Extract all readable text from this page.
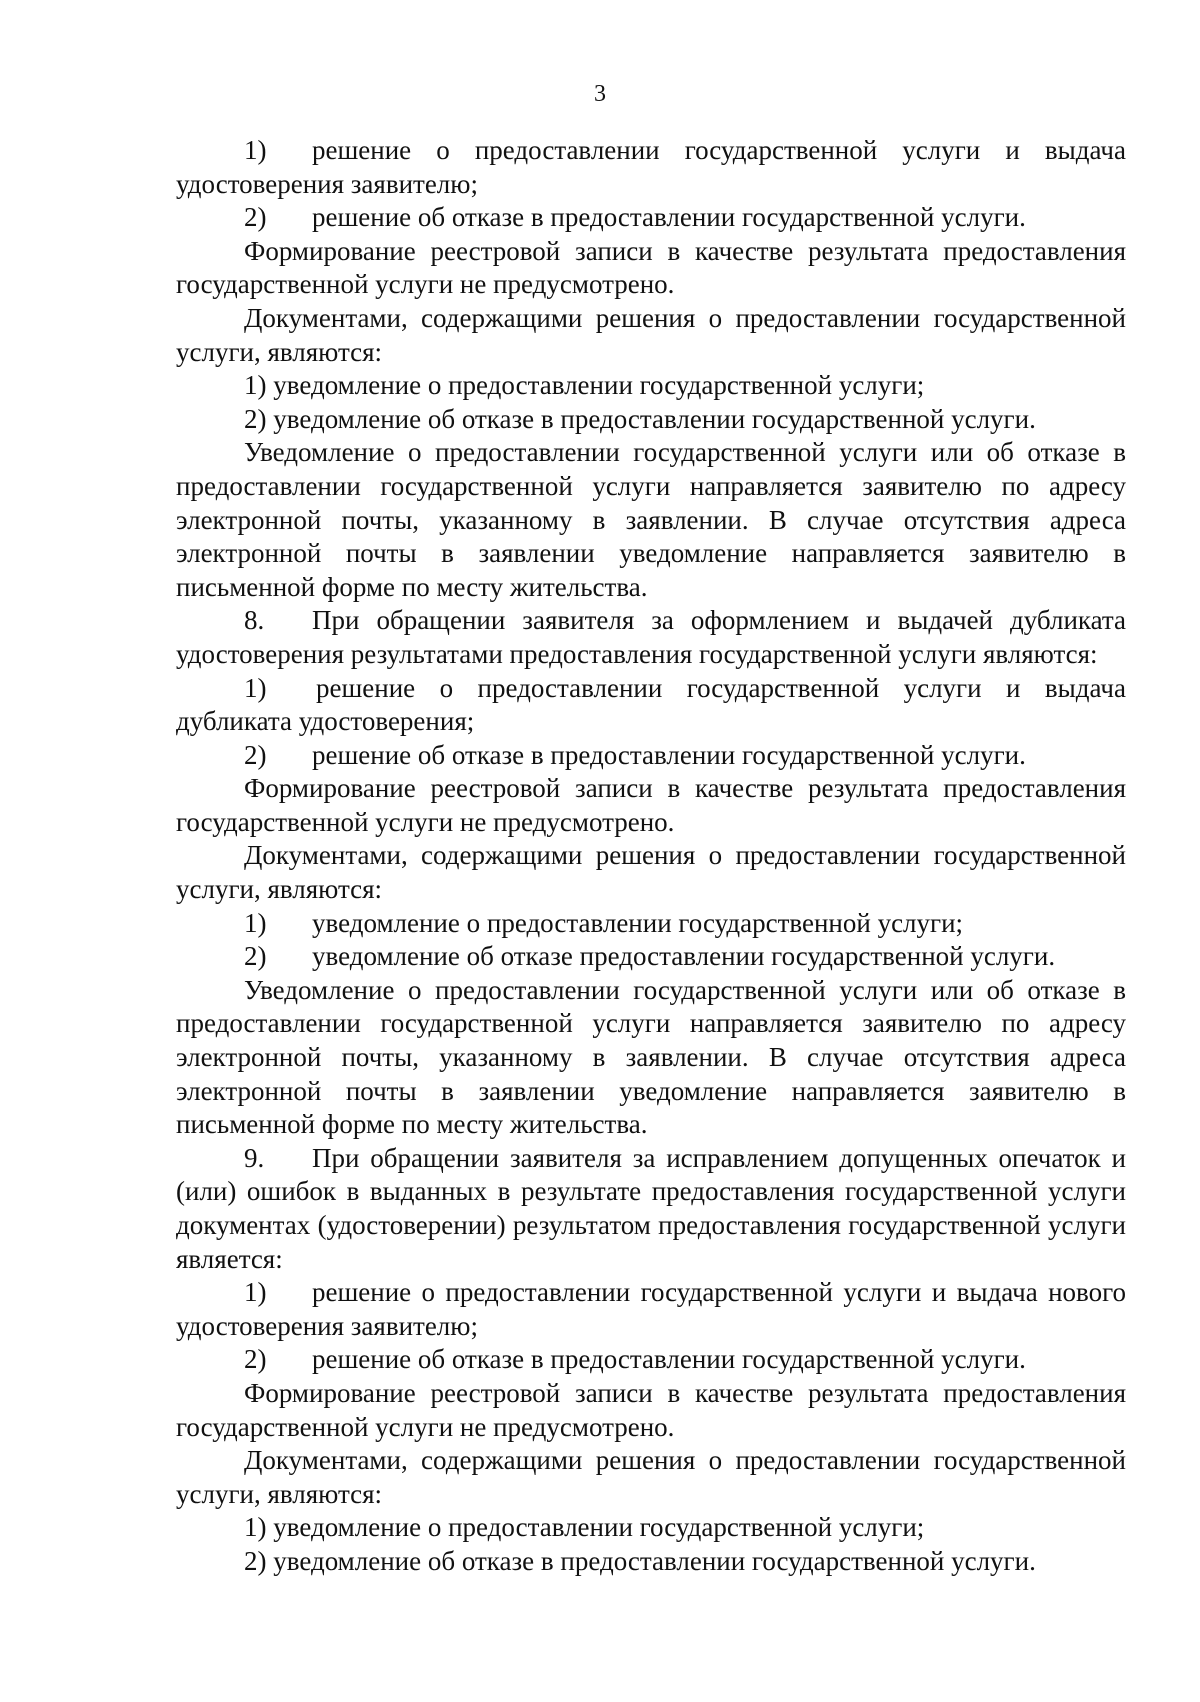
3

1) решение о предоставлении государственной услуги и выдача удостоверения заявителю;

2) решение об отказе в предоставлении государственной услуги.

Формирование реестровой записи в качестве результата предоставления государственной услуги не предусмотрено.

Документами, содержащими решения о предоставлении государственной услуги, являются:

1) уведомление о предоставлении государственной услуги;

2) уведомление об отказе в предоставлении государственной услуги.

Уведомление о предоставлении государственной услуги или об отказе в предоставлении государственной услуги направляется заявителю по адресу электронной почты, указанному в заявлении. В случае отсутствия адреса электронной почты в заявлении уведомление направляется заявителю в письменной форме по месту жительства.

8. При обращении заявителя за оформлением и выдачей дубликата удостоверения результатами предоставления государственной услуги являются:

1) решение о предоставлении государственной услуги и выдача дубликата удостоверения;

2) решение об отказе в предоставлении государственной услуги.

Формирование реестровой записи в качестве результата предоставления государственной услуги не предусмотрено.

Документами, содержащими решения о предоставлении государственной услуги, являются:

1) уведомление о предоставлении государственной услуги;

2) уведомление об отказе предоставлении государственной услуги.

Уведомление о предоставлении государственной услуги или об отказе в предоставлении государственной услуги направляется заявителю по адресу электронной почты, указанному в заявлении. В случае отсутствия адреса электронной почты в заявлении уведомление направляется заявителю в письменной форме по месту жительства.

9. При обращении заявителя за исправлением допущенных опечаток и (или) ошибок в выданных в результате предоставления государственной услуги документах (удостоверении) результатом предоставления государственной услуги является:

1) решение о предоставлении государственной услуги и выдача нового удостоверения заявителю;

2) решение об отказе в предоставлении государственной услуги.

Формирование реестровой записи в качестве результата предоставления государственной услуги не предусмотрено.

Документами, содержащими решения о предоставлении государственной услуги, являются:

1) уведомление о предоставлении государственной услуги;

2) уведомление об отказе в предоставлении государственной услуги.
